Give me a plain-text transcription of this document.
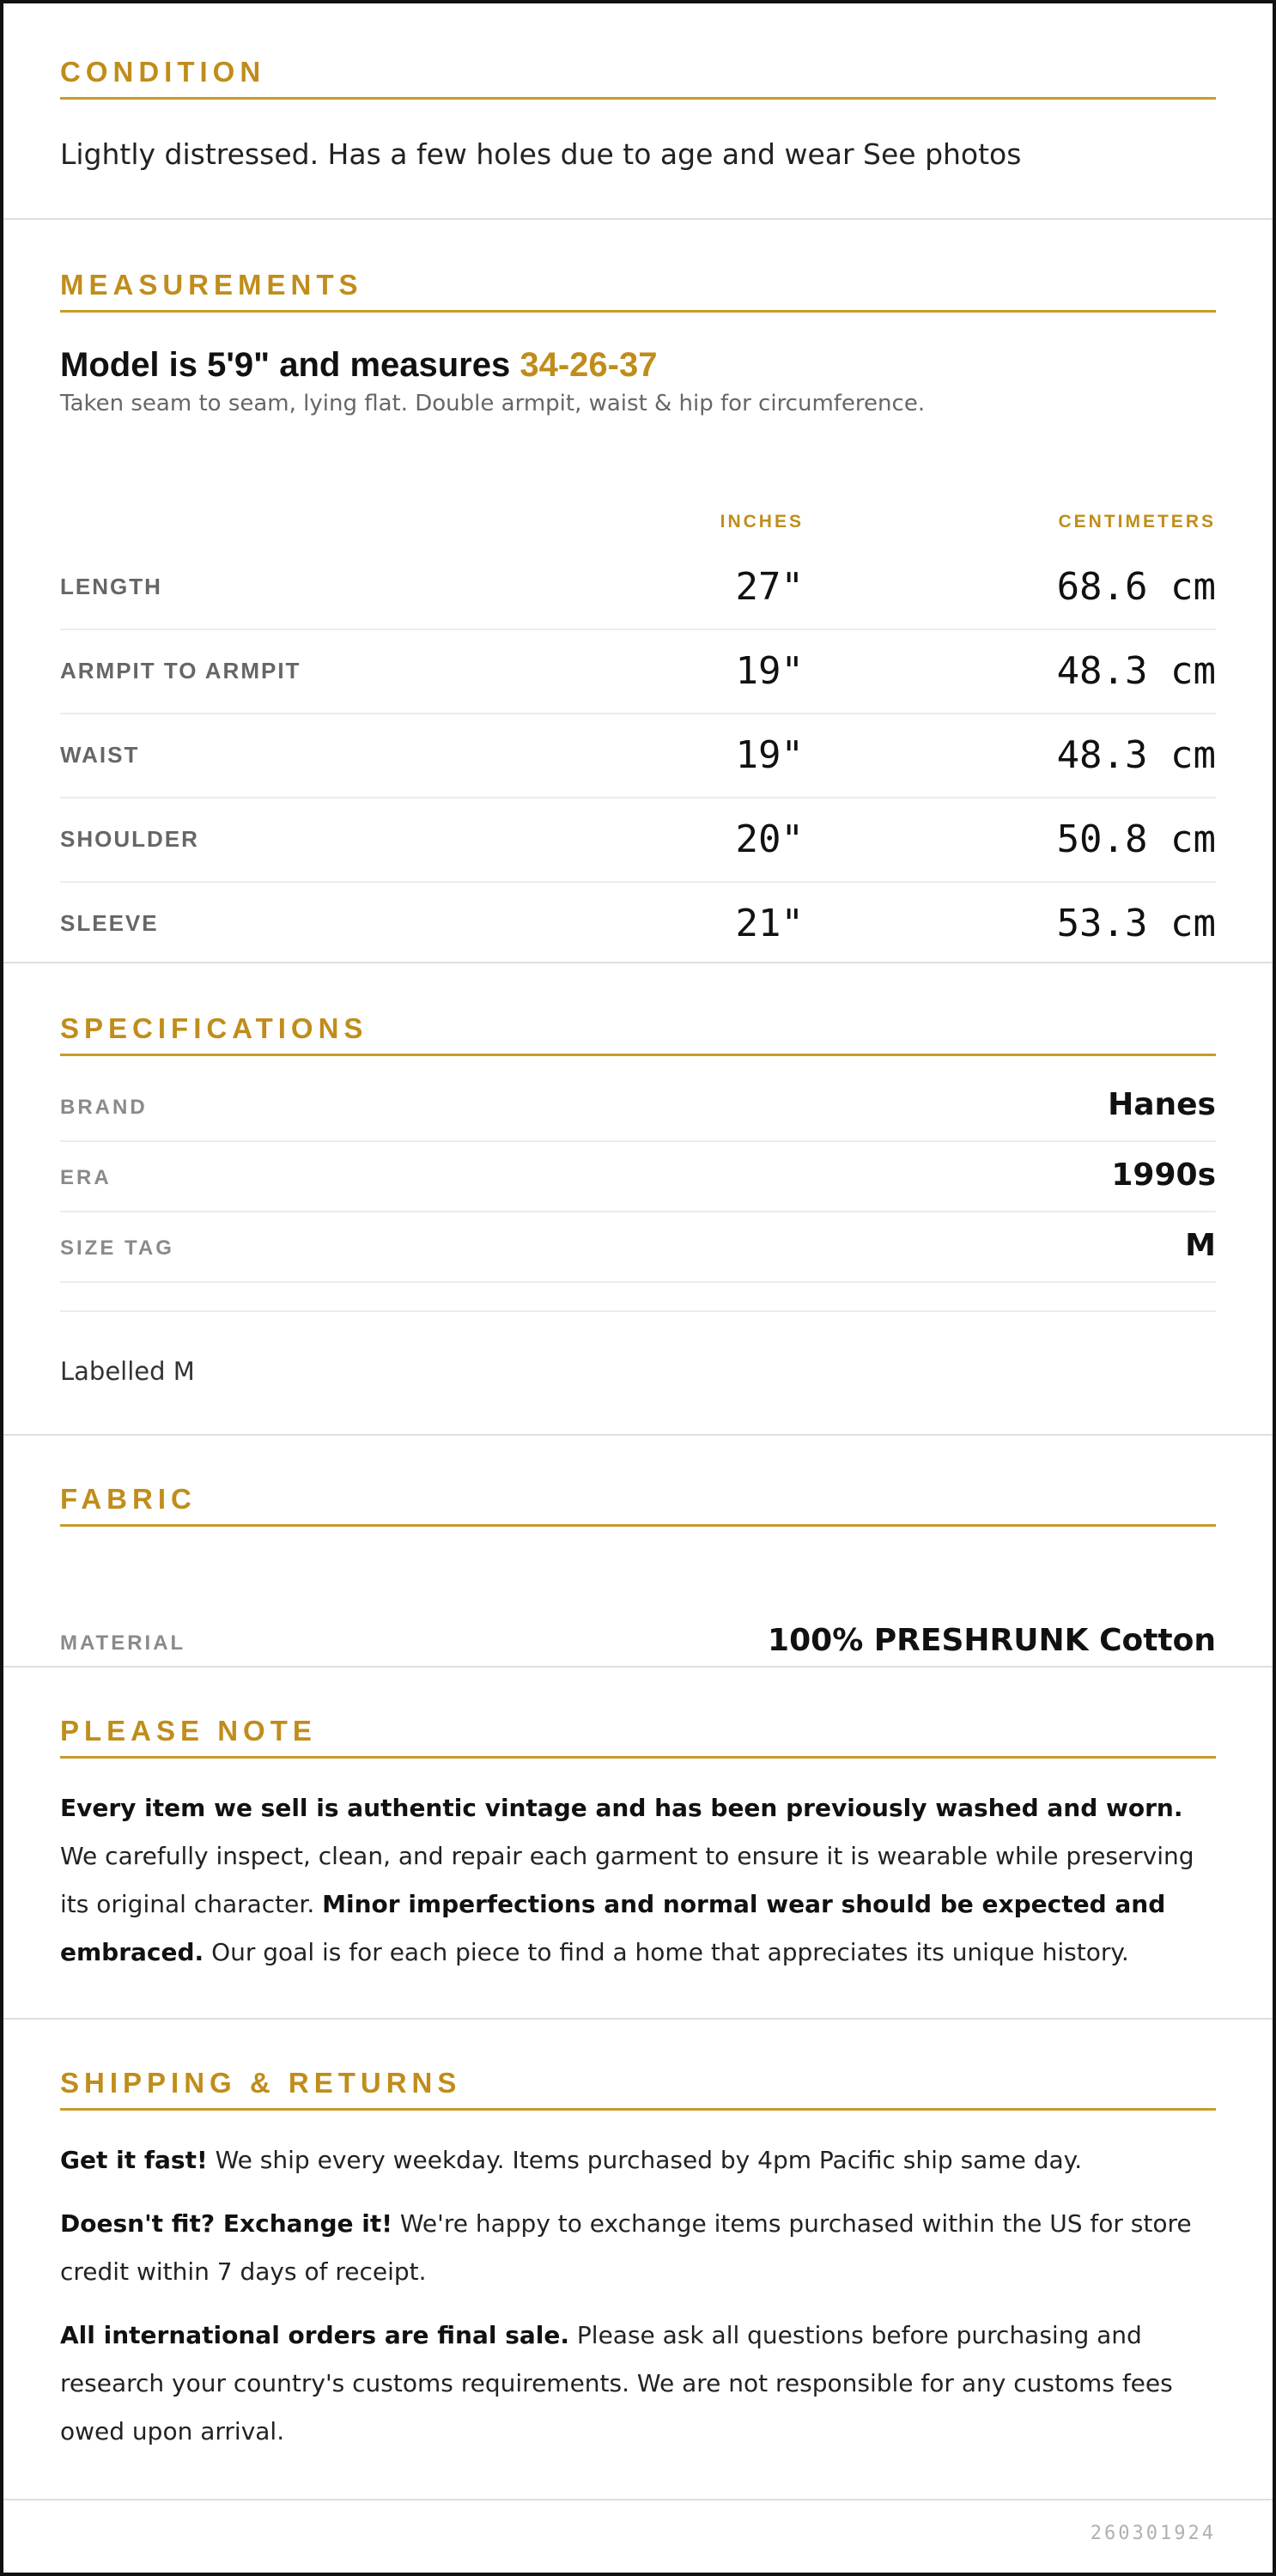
CONDITION
Lightly distressed. Has a few holes due to age and wear See photos
MEASUREMENTS
Model is 5'9" and measures 34-26-37
Taken seam to seam, lying flat. Double armpit, waist & hip for circumference.
INCHES	CENTIMETERS
LENGTH	27"	68.6 cm
ARMPIT TO ARMPIT	19"	48.3 cm
WAIST	19"	48.3 cm
SHOULDER	20"	50.8 cm
SLEEVE	21"	53.3 cm
SPECIFICATIONS
BRAND	Hanes
ERA	1990s
SIZE TAG	M
Labelled M
FABRIC
MATERIAL	100% PRESHRUNK Cotton
PLEASE NOTE
Every item we sell is authentic vintage and has been previously washed and worn. We carefully inspect, clean, and repair each garment to ensure it is wearable while preserving its original character. Minor imperfections and normal wear should be expected and embraced. Our goal is for each piece to find a home that appreciates its unique history.
SHIPPING & RETURNS
Get it fast! We ship every weekday. Items purchased by 4pm Pacific ship same day.
Doesn't fit? Exchange it! We're happy to exchange items purchased within the US for store credit within 7 days of receipt.
All international orders are final sale. Please ask all questions before purchasing and research your country's customs requirements. We are not responsible for any customs fees owed upon arrival.
260301924
